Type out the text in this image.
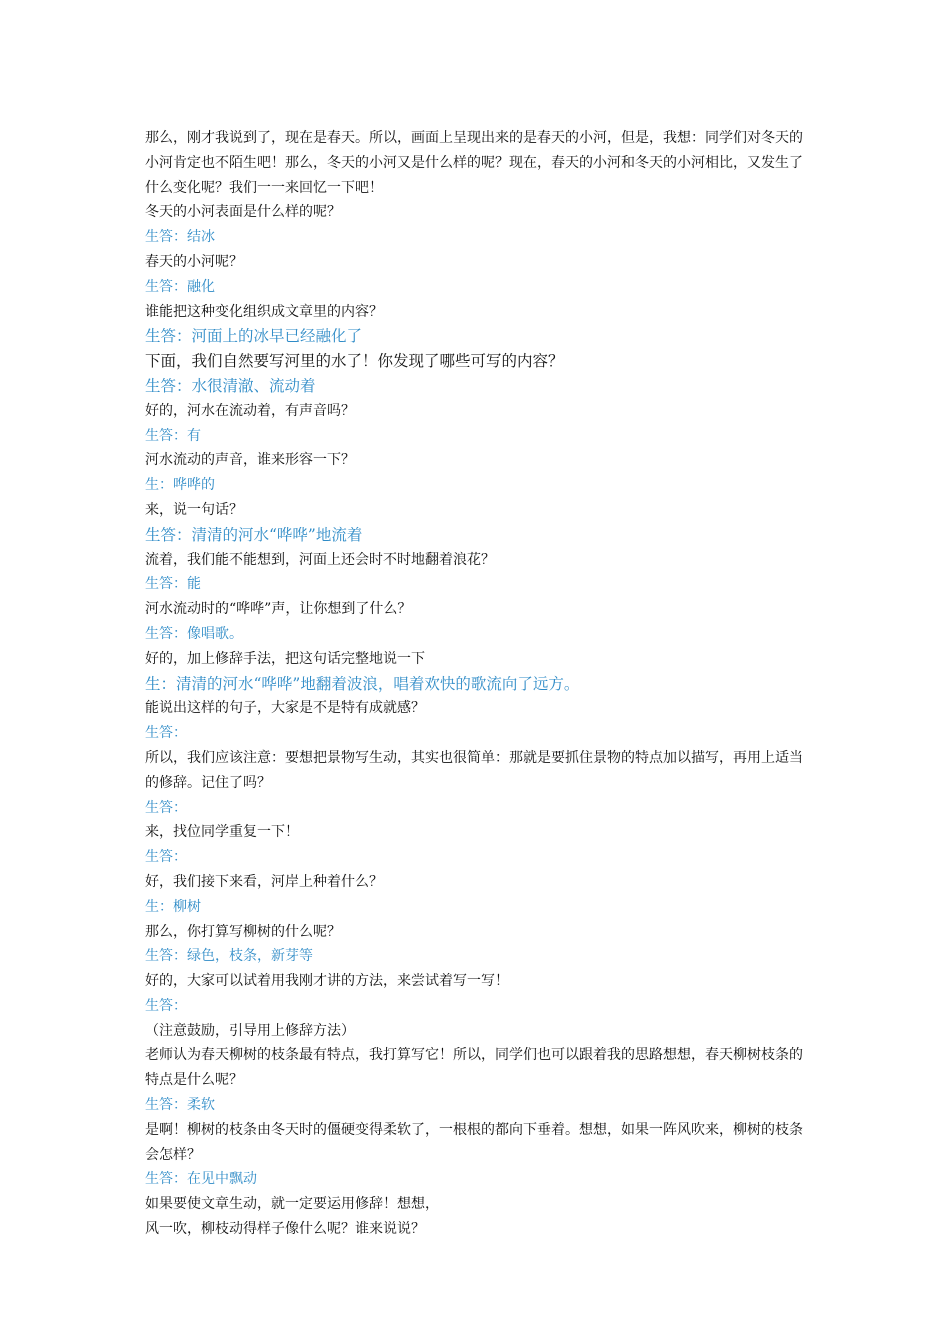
那么，刚才我说到了，现在是春天。所以，画面上呈现出来的是春天的小河，但是，我想：同学们对冬天的小河肯定也不陌生吧！那么，冬天的小河又是什么样的呢？现在，春天的小河和冬天的小河相比，又发生了什么变化呢？我们一一来回忆一下吧！

冬天的小河表面是什么样的呢？

生答：结冰

春天的小河呢？

生答：融化

谁能把这种变化组织成文章里的内容？

生答：河面上的冰早已经融化了

下面，我们自然要写河里的水了！你发现了哪些可写的内容？

生答：水很清澈、流动着

好的，河水在流动着，有声音吗？

生答：有

河水流动的声音，谁来形容一下？

生：哗哗的

来，说一句话？

生答：清清的河水“哗哗”地流着

流着，我们能不能想到，河面上还会时不时地翻着浪花？

生答：能

河水流动时的“哗哗”声，让你想到了什么？

生答：像唱歌。

好的，加上修辞手法，把这句话完整地说一下

生：清清的河水“哗哗”地翻着波浪，唱着欢快的歌流向了远方。

能说出这样的句子，大家是不是特有成就感？

生答：

所以，我们应该注意：要想把景物写生动，其实也很简单：那就是要抓住景物的特点加以描写，再用上适当的修辞。记住了吗？

生答：

来，找位同学重复一下！

生答：

好，我们接下来看，河岸上种着什么？

生：柳树

那么，你打算写柳树的什么呢？

生答：绿色，枝条，新芽等

好的，大家可以试着用我刚才讲的方法，来尝试着写一写！

生答：

（注意鼓励，引导用上修辞方法）

老师认为春天柳树的枝条最有特点，我打算写它！所以，同学们也可以跟着我的思路想想，春天柳树枝条的特点是什么呢？

生答：柔软

是啊！柳树的枝条由冬天时的僵硬变得柔软了，一根根的都向下垂着。想想，如果一阵风吹来，柳树的枝条会怎样？

生答：在见中飘动

如果要使文章生动，就一定要运用修辞！想想，

风一吹，柳枝动得样子像什么呢？谁来说说？
